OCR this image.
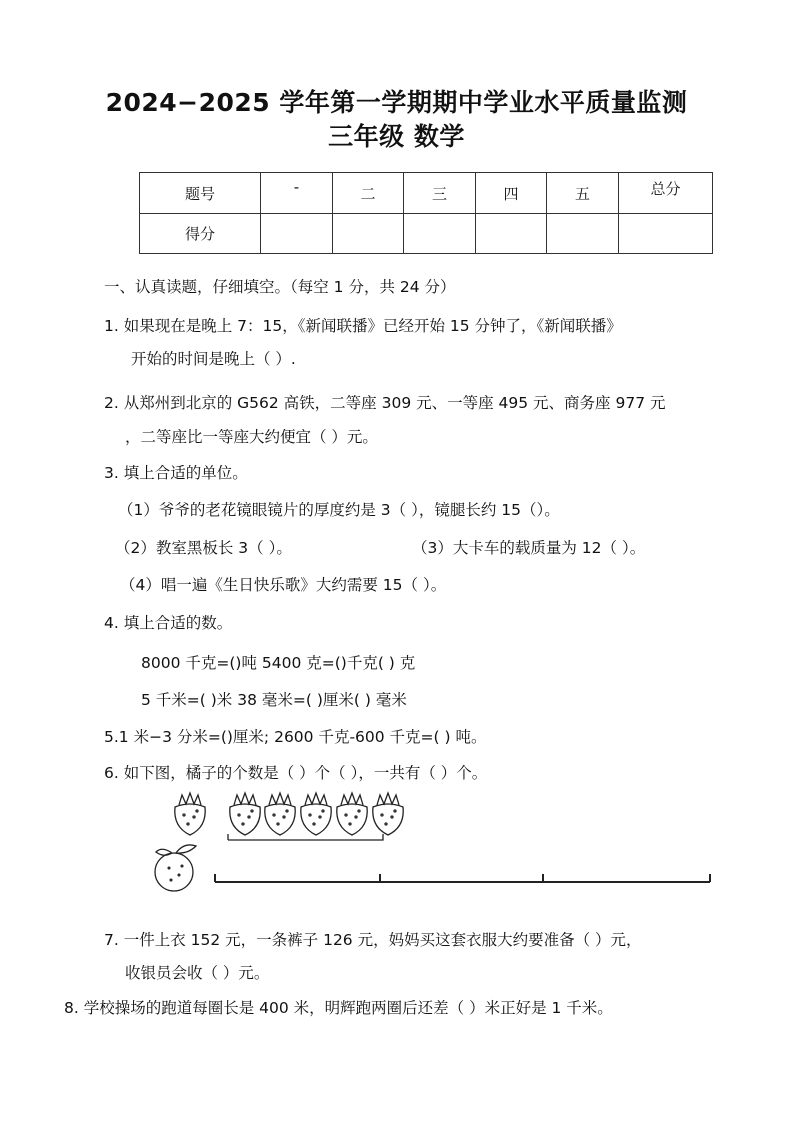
2024−2025 学年第一学期期中学业水平质量监测
三年级 数学
题号	-	二	三	四	五	总分
得分						
一、认真读题，仔细填空。（每空 1 分，共 24 分）
1. 如果现在是晚上 7：15，《新闻联播》已经开始 15 分钟了，《新闻联播》
开始的时间是晚上（ ）.
2. 从郑州到北京的 G562 高铁，二等座 309 元、一等座 495 元、商务座 977 元
，二等座比一等座大约便宜（ ）元。
3. 填上合适的单位。
（1）爷爷的老花镜眼镜片的厚度约是 3（ ），镜腿长约 15（）。
（2）教室黑板长 3（ ）。	（3）大卡车的载质量为 12（ ）。
（4）唱一遍《生日快乐歌》大约需要 15（ ）。
4. 填上合适的数。
8000 千克=()吨 5400 克=()千克( ) 克
5 千米=( )米 38 毫米=( )厘米( ) 毫米
5.1 米−3 分米=()厘米; 2600 千克-600 千克=( ) 吨。
6. 如下图，橘子的个数是（ ）个（ ），一共有（ ）个。
7. 一件上衣 152 元，一条裤子 126 元，妈妈买这套衣服大约要准备（ ）元，
收银员会收（ ）元。
8. 学校操场的跑道每圈长是 400 米，明辉跑两圈后还差（ ）米正好是 1 千米。
